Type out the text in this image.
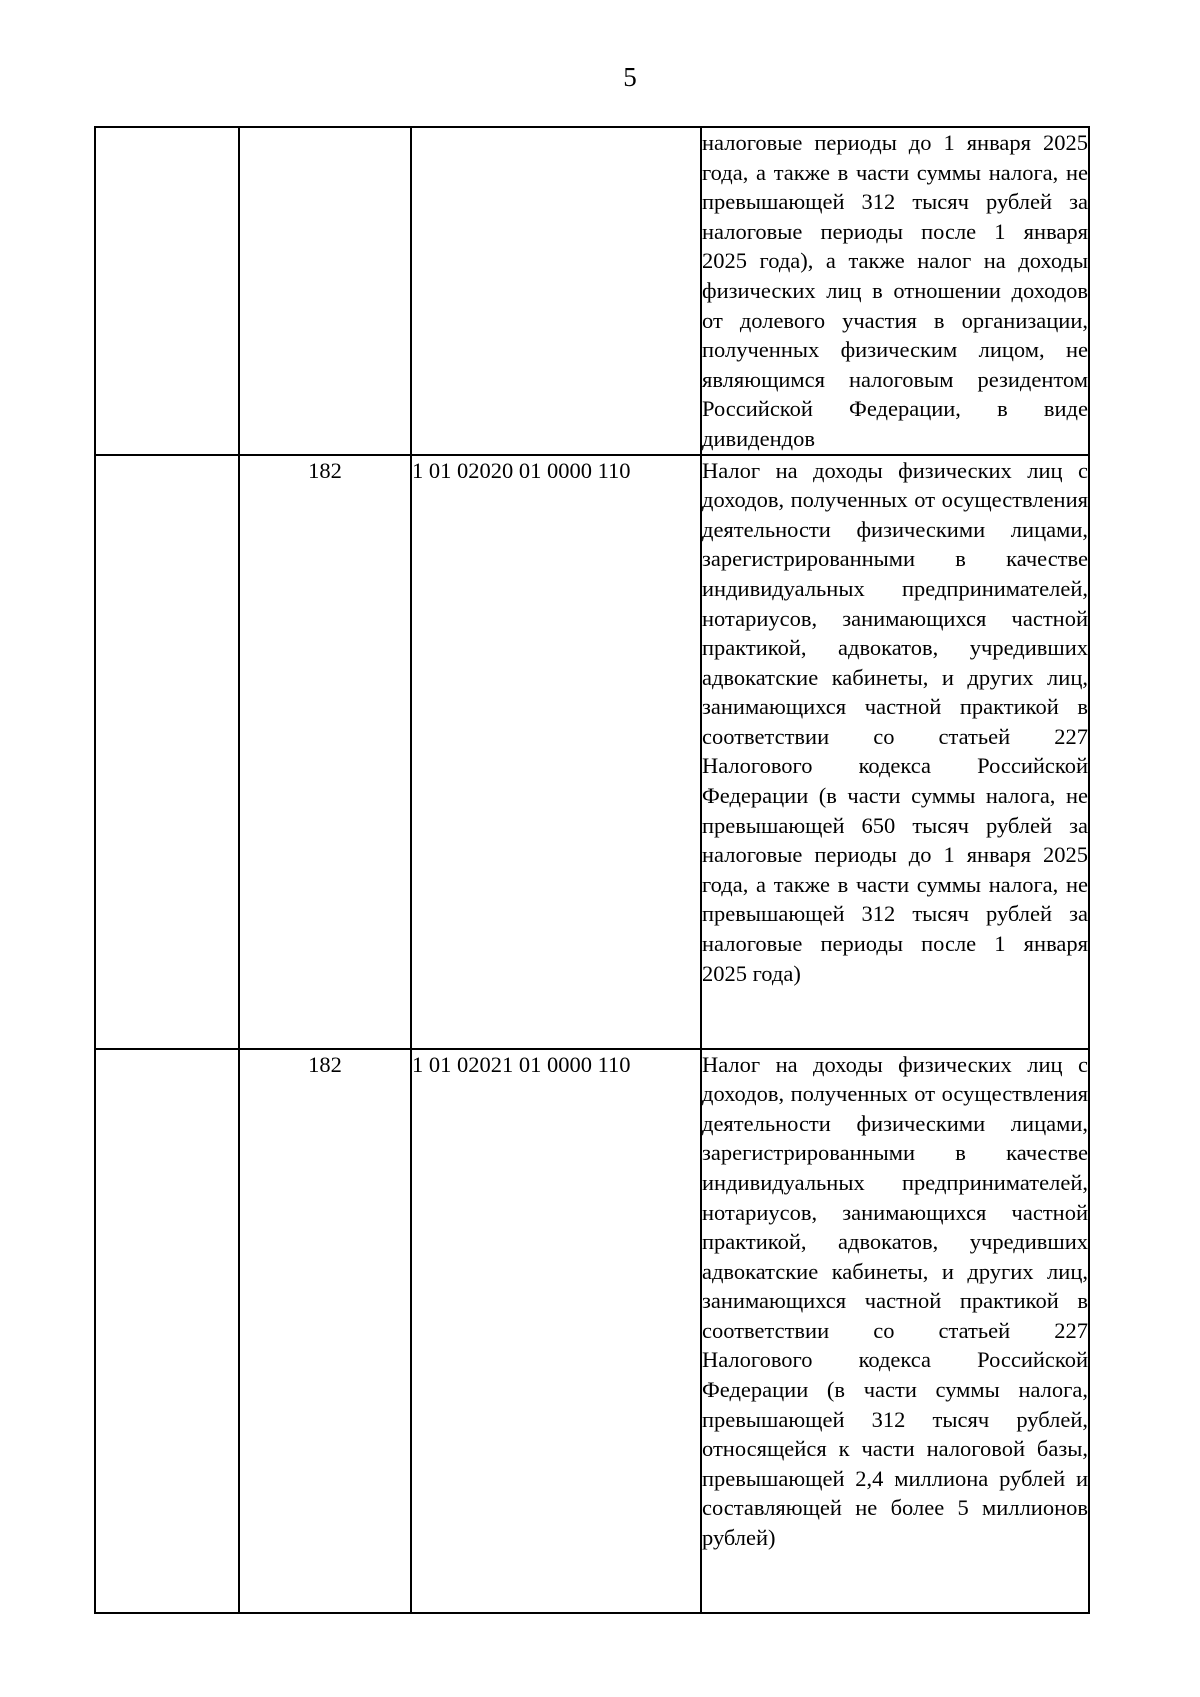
5

			налоговые периоды до 1 января 2025 года, а также в части суммы налога, не превышающей 312 тысяч рублей за налоговые периоды после 1 января 2025 года), а также налог на доходы физических лиц в отношении доходов от долевого участия в организации, полученных физическим лицом, не являющимся налоговым резидентом Российской Федерации, в виде дивидендов

	182	1 01 02020 01 0000 110	Налог на доходы физических лиц с доходов, полученных от осуществления деятельности физическими лицами, зарегистрированными в качестве индивидуальных предпринимателей, нотариусов, занимающихся частной практикой, адвокатов, учредивших адвокатские кабинеты, и других лиц, занимающихся частной практикой в соответствии со статьей 227 Налогового кодекса Российской Федерации (в части суммы налога, не превышающей 650 тысяч рублей за налоговые периоды до 1 января 2025 года, а также в части суммы налога, не превышающей 312 тысяч рублей за налоговые периоды после 1 января 2025 года)

	182	1 01 02021 01 0000 110	Налог на доходы физических лиц с доходов, полученных от осуществления деятельности физическими лицами, зарегистрированными в качестве индивидуальных предпринимателей, нотариусов, занимающихся частной практикой, адвокатов, учредивших адвокатские кабинеты, и других лиц, занимающихся частной практикой в соответствии со статьей 227 Налогового кодекса Российской Федерации (в части суммы налога, превышающей 312 тысяч рублей, относящейся к части налоговой базы, превышающей 2,4 миллиона рублей и составляющей не более 5 миллионов рублей)
